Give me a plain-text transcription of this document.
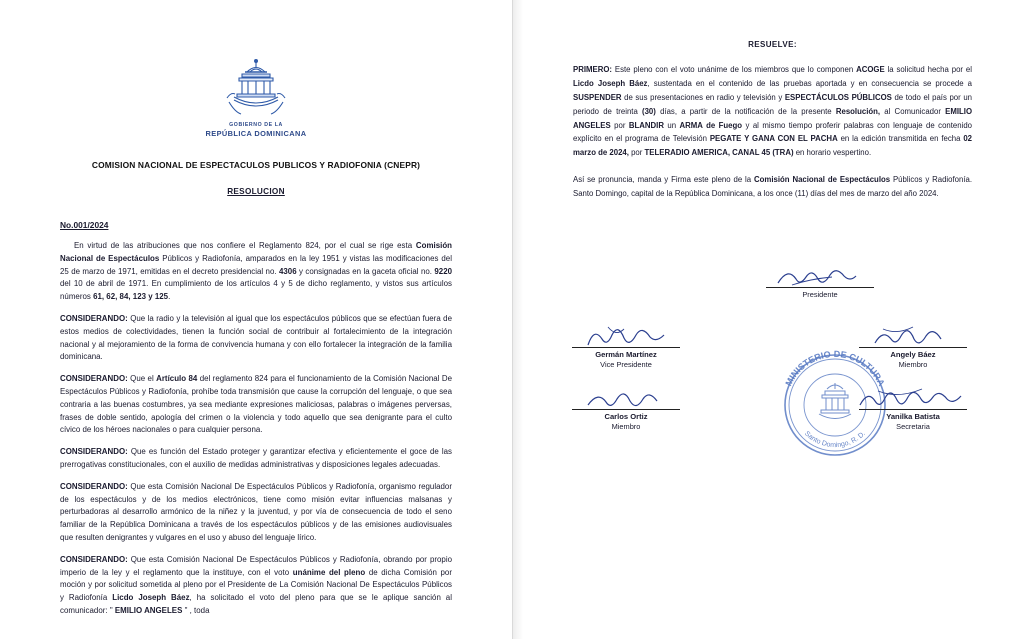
GOBIERNO DE LA
REPÚBLICA DOMINICANA
COMISION NACIONAL DE ESPECTACULOS PUBLICOS Y RADIOFONIA (CNEPR)
RESOLUCION
No.001/2024
En virtud de las atribuciones que nos confiere el Reglamento 824, por el cual se rige esta Comisión Nacional de Espectáculos Públicos y Radiofonía, amparados en la ley 1951 y vistas las modificaciones del 25 de marzo de 1971, emitidas en el decreto presidencial no. 4306 y consignadas en la gaceta oficial no. 9220 del 10 de abril de 1971. En cumplimiento de los artículos 4 y 5 de dicho reglamento, y vistos sus artículos números 61, 62, 84, 123 y 125.
CONSIDERANDO: Que la radio y la televisión al igual que los espectáculos públicos que se efectúan fuera de estos medios de colectividades, tienen la función social de contribuir al fortalecimiento de la integración nacional y al mejoramiento de la forma de convivencia humana y con ello fortalecer la integración de la familia dominicana.
CONSIDERANDO: Que el Artículo 84 del reglamento 824 para el funcionamiento de la Comisión Nacional De Espectáculos Públicos y Radiofonía, prohíbe toda transmisión que cause la corrupción del lenguaje, o que sea contraria a las buenas costumbres, ya sea mediante expresiones maliciosas, palabras o imágenes perversas, frases de doble sentido, apología del crimen o la violencia y todo aquello que sea denigrante para el culto cívico de los héroes nacionales o para cualquier persona.
CONSIDERANDO: Que es función del Estado proteger y garantizar efectiva y eficientemente el goce de las prerrogativas constitucionales, con el auxilio de medidas administrativas y disposiciones legales adecuadas.
CONSIDERANDO: Que esta Comisión Nacional De Espectáculos Públicos y Radiofonía, organismo regulador de los espectáculos y de los medios electrónicos, tiene como misión evitar influencias malsanas y perturbadoras al desarrollo armónico de la niñez y la juventud, y por vía de consecuencia de todo el seno familiar de la República Dominicana a través de los espectáculos públicos y de las emisiones audiovisuales que resulten denigrantes y vulgares en el uso y abuso del lenguaje lírico.
CONSIDERANDO: Que esta Comisión Nacional De Espectáculos Públicos y Radiofonía, obrando por propio imperio de la ley y el reglamento que la instituye, con el voto unánime del pleno de dicha Comisión por moción y por solicitud sometida al pleno por el Presidente de La Comisión Nacional De Espectáculos Públicos y Radiofonía Licdo Joseph Báez, ha solicitado el voto del pleno para que se le aplique sanción al comunicador: " EMILIO ANGELES " , toda
RESUELVE:
PRIMERO: Este pleno con el voto unánime de los miembros que lo componen ACOGE la solicitud hecha por el Licdo Joseph Báez, sustentada en el contenido de las pruebas aportada y en consecuencia se procede a SUSPENDER de sus presentaciones en radio y televisión y ESPECTÁCULOS PÚBLICOS de todo el país por un periodo de treinta (30) días, a partir de la notificación de la presente Resolución, al Comunicador EMILIO ANGELES por BLANDIR un ARMA de Fuego y al mismo tiempo proferir palabras con lenguaje de contenido explícito en el programa de Televisión PEGATE Y GANA CON EL PACHA en la edición transmitida en fecha 02 marzo de 2024, por TELERADIO AMERICA, CANAL 45 (TRA) en horario vespertino.
Así se pronuncia, manda y Firma este pleno de la Comisión Nacional de Espectáculos Públicos y Radiofonía. Santo Domingo, capital de la República Dominicana, a los once (11) días del mes de marzo del año 2024.
MINISTERIO DE CULTURA
Santo Domingo, R. D.
Presidente
Germán Martínez
Vice Presidente
Angely Báez
Miembro
Carlos Ortiz
Miembro
Yanilka Batista
Secretaria
